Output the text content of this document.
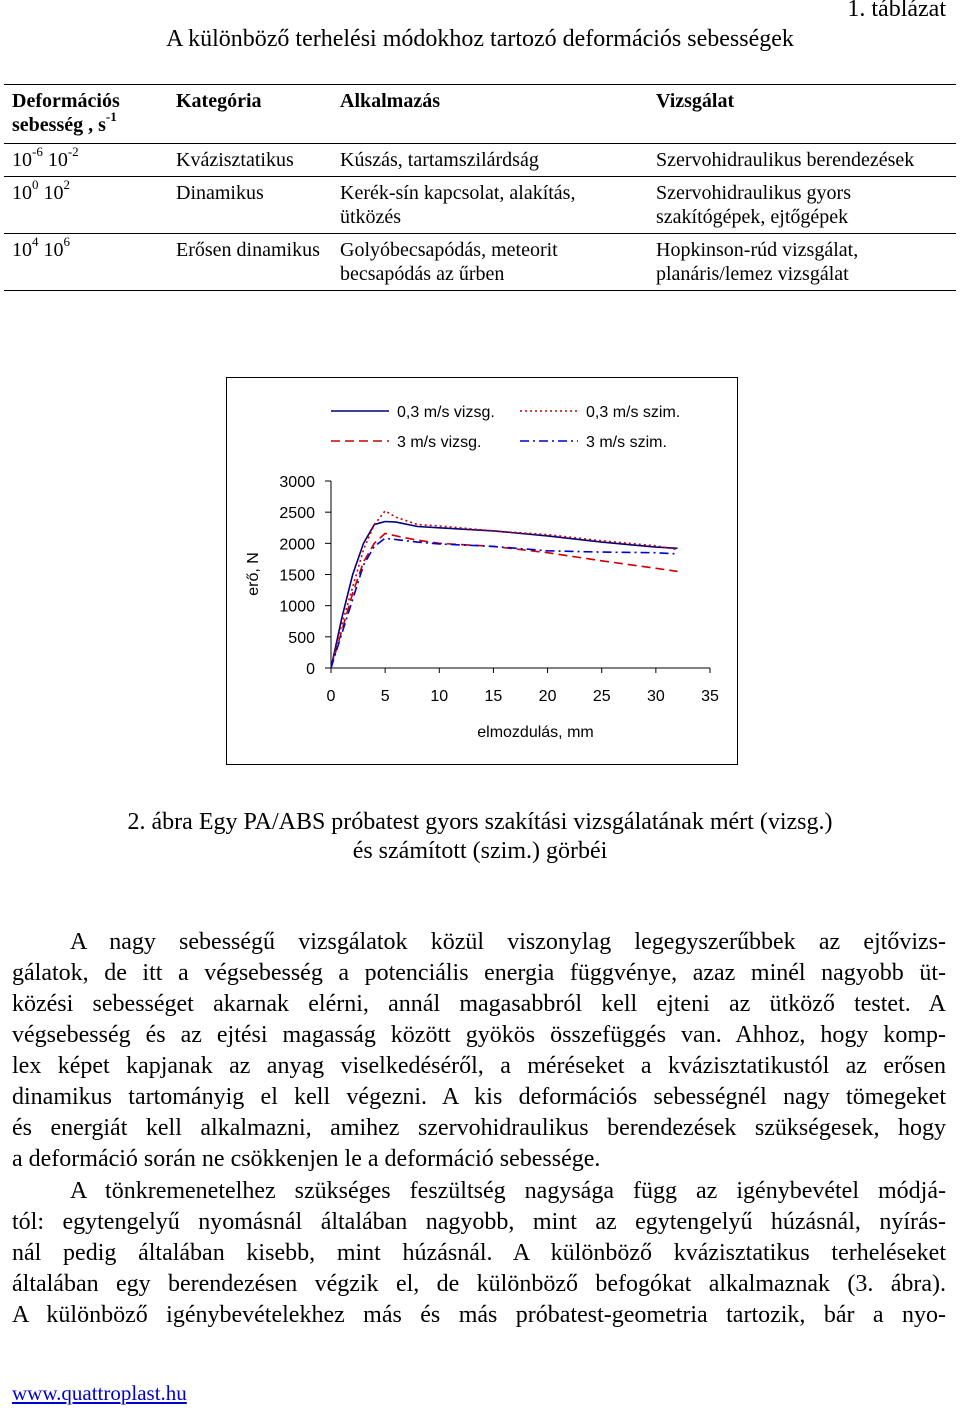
1. táblázat
A különböző terhelési módokhoz tartozó deformációs sebességek
Deformációs
sebesség , $s^{-1}$	Kategória	Alkalmazás	Vizsgálat
$10^{-6}$ $10^{-2}$	Kvázisztatikus	Kúszás, tartamszilárdság	Szervohidraulikus berendezések
$10^0$ $10^2$	Dinamikus	Kerék-sín kapcsolat, alakítás, ütközés	Szervohidraulikus gyors szakítógépek, ejtőgépek
$10^4$ $10^6$	Erősen dinamikus	Golyóbecsapódás, meteorit becsapódás az űrben	Hopkinson-rúd vizsgálat, planáris/lemez vizsgálat
0
500
1000
1500
2000
2500
3000
0	5	10 15 20 25 30 35
elmozdulás, mm
erő, N
0,3 m/s vizsg.	0,3 m/s szim.
3 m/s vizsg.	3 m/s szim.
2. ábra Egy PA/ABS próbatest gyors szakítási vizsgálatának mért (vizsg.)
és számított (szim.) görbéi

A nagy sebességű vizsgálatok közül viszonylag legegyszerűbbek az ejtővizs-

gálatok, de itt a végsebesség a potenciális energia függvénye, azaz minél nagyobb üt-

közési sebességet akarnak elérni, annál magasabbról kell ejteni az ütköző testet. A

végsebesség és az ejtési magasság között gyökös összefüggés van. Ahhoz, hogy komp-

lex képet kapjanak az anyag viselkedéséről, a méréseket a kvázisztatikustól az erősen

dinamikus tartományig el kell végezni. A kis deformációs sebességnél nagy tömegeket

és energiát kell alkalmazni, amihez szervohidraulikus berendezések szükségesek, hogy

a deformáció során ne csökkenjen le a deformáció sebessége.

A tönkremenetelhez szükséges feszültség nagysága függ az igénybevétel módjá-

tól: egytengelyű nyomásnál általában nagyobb, mint az egytengelyű húzásnál, nyírás-

nál pedig általában kisebb, mint húzásnál. A különböző kvázisztatikus terheléseket

általában egy berendezésen végzik el, de különböző befogókat alkalmaznak (3. ábra).

A különböző igénybevételekhez más és más próbatest-geometria tartozik, bár a nyo-

www.quattroplast.hu
